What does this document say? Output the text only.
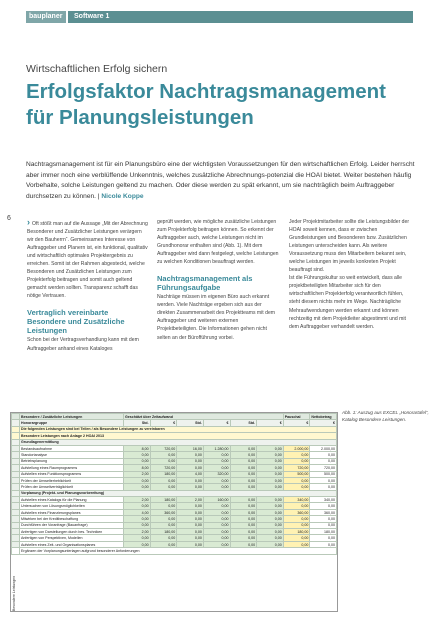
bauplaner	Software 1
Wirtschaftlichen Erfolg sichern
Erfolgsfaktor Nachtragsmanagement
für Planungsleistungen
Nachtragsmanagement ist für ein Planungsbüro eine der wichtigsten Voraussetzungen für den wirtschaftlichen Erfolg. Leider herrscht aber immer noch eine verblüffende Unkenntnis, welches zusätzliche Abrechnungs-potenzial die HOAI bietet. Weiter bestehen häufig Vorbehalte, solche Leistungen geltend zu machen. Oder diese werden zu spät erkannt, um sie nachträglich beim Auftraggeber durchsetzen zu können. | Nicole Koppe
6 › Oft stößt man auf die Aussage „Mit der Abrechnung Besonderer und Zusätzlicher Leistungen verärgern wir den Bauherrn“. Gemeinsames Interesse von Auftraggeber und Planern ist, ein funktional, qualitativ und wirtschaftlich optimales Projektergebnis zu erreichen. Somit ist der Rahmen abgesteckt, welche Besonderen und Zusätzlichen Leistungen zum Projekterfolg beitragen und somit auch geltend gemacht werden sollten. Transparenz schafft das nötige Vertrauen.

Vertraglich vereinbarte Besondere und Zusätzliche Leistungen

Schon bei der Vertragsverhandlung kann mit dem Auftraggeber anhand eines Kataloges

geprüft werden, wie mögliche zusätzliche Leistungen zum Projekterfolg beitragen können. So erkennt der Auftraggeber auch, welche Leistungen nicht im Grundhonorar enthalten sind (Abb. 1). Mit dem Auftraggeber wird dann festgelegt, welche Leistungen zu welchen Konditionen beauftragt werden.

Nachtragsmanagement als Führungsaufgabe

Nachträge müssen im eigenen Büro auch erkannt werden. Viele Nachträge ergeben sich aus der direkten Zusammenarbeit des Projektteams mit dem Auftraggeber und weiteren externen Projektbeteiligten. Die Informationen gehen nicht selten an der Bürofführung vorbei.

Jeder Projektmitarbeiter sollte die Leistungsbilder der HOAI soweit kennen, dass er zwischen Grundleistungen und Besonderen bzw. Zusätzlichen Leistungen unterscheiden kann. Als weitere Voraussetzung muss den Mitarbeitern bekannt sein, welche Leistungen im jeweils konkreten Projekt beauftragt sind.

Ist die Führungskultur so weit entwickelt, dass alle projektbeteiligten Mitarbeiter sich für den wirtschaftlichen Projekterfolg verantwortlich fühlen, steht diesem nichts mehr im Wege. Nachträgliche Mehraufwendungen werden erkannt und können rechtzeitig mit dem Projektleiter abgestimmt und mit dem Auftraggeber verhandelt werden.

Abb. 1: Auszug aus EXCEL „Honorartafel“, Katalog Besondere Leistungen.
	Besondere / Zusätzliche Leistungen	Geschätzt über Zeitaufwand						Pauschal	Nettobetrag
	Honorargruppe	Std.	€	Std.	€	Std.	€	€	€
	Die folgenden Leistungen sind bei Teilen / als Besondere Leistungen zu vereinbaren								
	Besondere Leistungen nach Anlage 2 HOAI 2013								
	Grundlagenermittlung								
	Bestandsaufnahme	8,00	720,00	16,00	1.280,00	0,00	0,00	2.000,00	2.000,00
	Standortanalyse	0,00	0,00	0,00	0,00	0,00	0,00	0,00	0,00
	Betriebsplanung	0,00	0,00	0,00	0,00	0,00	0,00	0,00	0,00
	Aufstellung eines Raumprogramms	8,00	720,00	0,00	0,00	0,00	0,00	720,00	720,00
	Aufstellen eines Funktionsprogramms	2,00	180,00	4,00	320,00	0,00	0,00	500,00	500,00
	Prüfen der Umwelterheblichkeit	0,00	0,00	0,00	0,00	0,00	0,00	0,00	0,00
	Prüfen der Umweltverträglichkeit	0,00	0,00	0,00	0,00	0,00	0,00	0,00	0,00
	Vorplanung (Projekt- und Planungsvorbereitung)								
	Aufstellen eines Katalogs für die Planung	2,00	180,00	2,00	160,00	0,00	0,00	340,00	340,00
	Untersuchen von Lösungsmöglichkeiten	0,00	0,00	0,00	0,00	0,00	0,00	0,00	0,00
	Aufstellen eines Finanzierungsplanes	4,00	360,00	0,00	0,00	0,00	0,00	360,00	360,00
	Mitwirken bei der Kreditbeschaffung	0,00	0,00	0,00	0,00	0,00	0,00	0,00	0,00
	Durchführen der Voranfrage (Bauanfrage)	0,00	0,00	0,00	0,00	0,00	0,00	0,00	0,00
	Anfertigen von Darstellungen durch bes. Techniken	2,00	180,00	0,00	0,00	0,00	0,00	180,00	180,00
	Anfertigen von Perspektiven, Modellen	0,00	0,00	0,00	0,00	0,00	0,00	0,00	0,00
	Aufstellen eines Zeit- und Organisationsplanes	0,00	0,00	0,00	0,00	0,00	0,00	0,00	0,00
	Ergänzen der Vorplanungsunterlagen aufgrund besonderer Anforderungen								
Besondere Leistungen
